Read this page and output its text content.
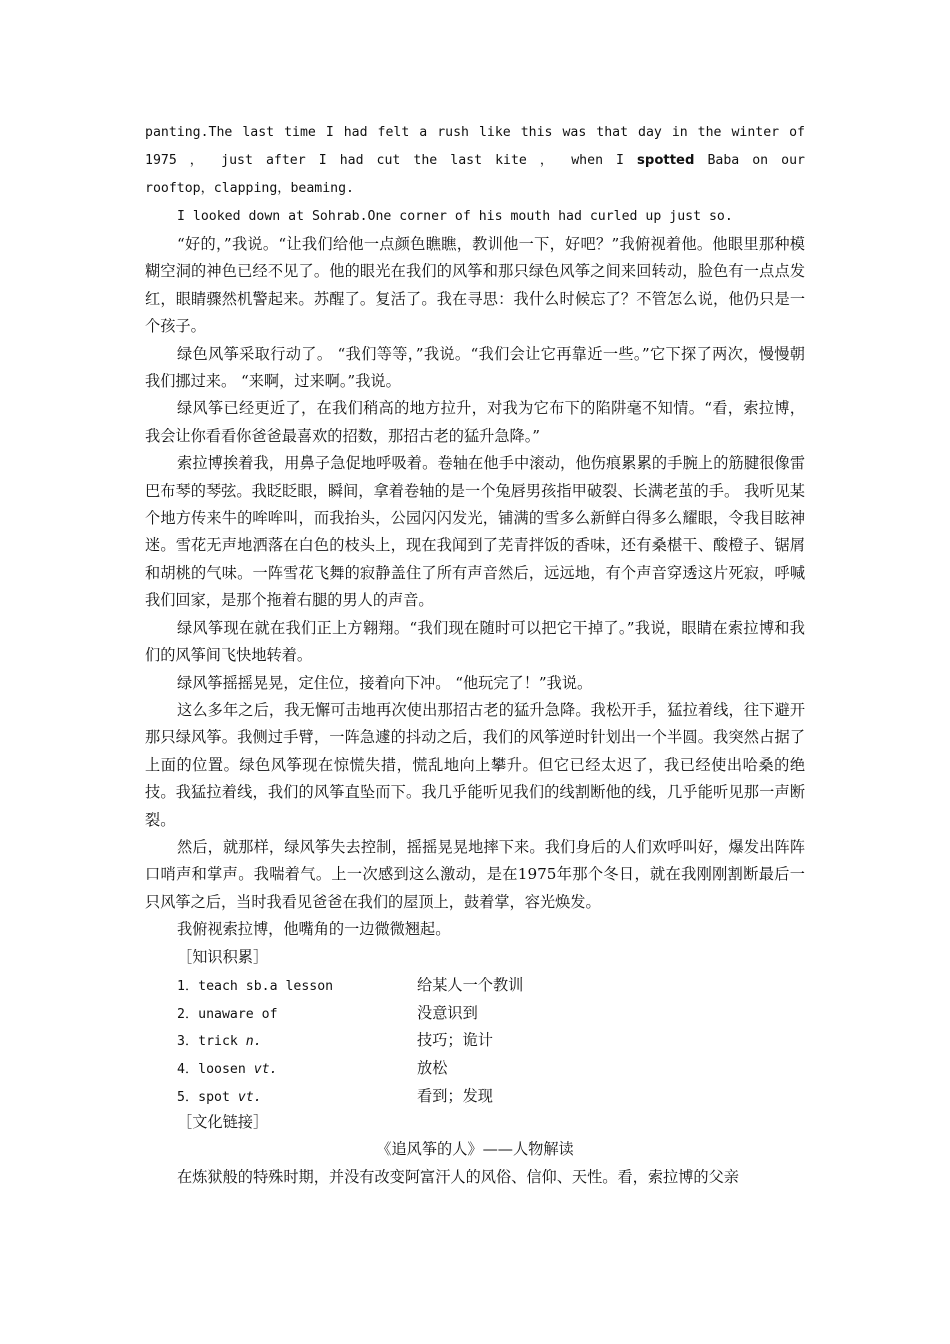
panting.The last time I had felt a rush like this was that day in the winter of

1975 ， just after I had cut the last kite ， when I spotted Baba on our

rooftop，clapping，beaming.

I looked down at Sohrab.One corner of his mouth had curled up just so.

“好的，”我说。“让我们给他一点颜色瞧瞧，教训他一下，好吧？”我俯视着他。他眼里那种模糊空洞的神色已经不见了。他的眼光在我们的风筝和那只绿色风筝之间来回转动，脸色有一点点发红，眼睛骤然机警起来。苏醒了。复活了。我在寻思：我什么时候忘了？不管怎么说，他仍只是一个孩子。

绿色风筝采取行动了。 “我们等等，”我说。“我们会让它再靠近一些。”它下探了两次，慢慢朝我们挪过来。 “来啊，过来啊。”我说。

绿风筝已经更近了，在我们稍高的地方拉升，对我为它布下的陷阱毫不知情。“看，索拉博，我会让你看看你爸爸最喜欢的招数，那招古老的猛升急降。”

索拉博挨着我，用鼻子急促地呼吸着。卷轴在他手中滚动，他伤痕累累的手腕上的筋腱很像雷巴布琴的琴弦。我眨眨眼，瞬间，拿着卷轴的是一个兔唇男孩指甲破裂、长满老茧的手。 我听见某个地方传来牛的哞哞叫，而我抬头，公园闪闪发光，铺满的雪多么新鲜白得多么耀眼，令我目眩神迷。雪花无声地洒落在白色的枝头上，现在我闻到了芜青拌饭的香味，还有桑椹干、酸橙子、锯屑和胡桃的气味。一阵雪花飞舞的寂静盖住了所有声音然后，远远地，有个声音穿透这片死寂，呼喊我们回家，是那个拖着右腿的男人的声音。

绿风筝现在就在我们正上方翱翔。“我们现在随时可以把它干掉了。”我说，眼睛在索拉博和我们的风筝间飞快地转着。

绿风筝摇摇晃晃，定住位，接着向下冲。 “他玩完了！”我说。

这么多年之后，我无懈可击地再次使出那招古老的猛升急降。我松开手，猛拉着线，往下避开那只绿风筝。我侧过手臂，一阵急遽的抖动之后，我们的风筝逆时针划出一个半圆。我突然占据了上面的位置。绿色风筝现在惊慌失措，慌乱地向上攀升。但它已经太迟了，我已经使出哈桑的绝技。我猛拉着线，我们的风筝直坠而下。我几乎能听见我们的线割断他的线，几乎能听见那一声断裂。

然后，就那样，绿风筝失去控制，摇摇晃晃地摔下来。我们身后的人们欢呼叫好，爆发出阵阵口哨声和掌声。我喘着气。上一次感到这么激动，是在1975年那个冬日，就在我刚刚割断最后一只风筝之后，当时我看见爸爸在我们的屋顶上，鼓着掌，容光焕发。

我俯视索拉博，他嘴角的一边微微翘起。

［知识积累］

1．teach sb.a lesson	给某人一个教训
2．unaware of	没意识到
3．trick n.	技巧；诡计
4．loosen vt.	放松
5．spot vt.	看到；发现

［文化链接］

《追风筝的人》——人物解读

在炼狱般的特殊时期，并没有改变阿富汗人的风俗、信仰、天性。看，索拉博的父亲
